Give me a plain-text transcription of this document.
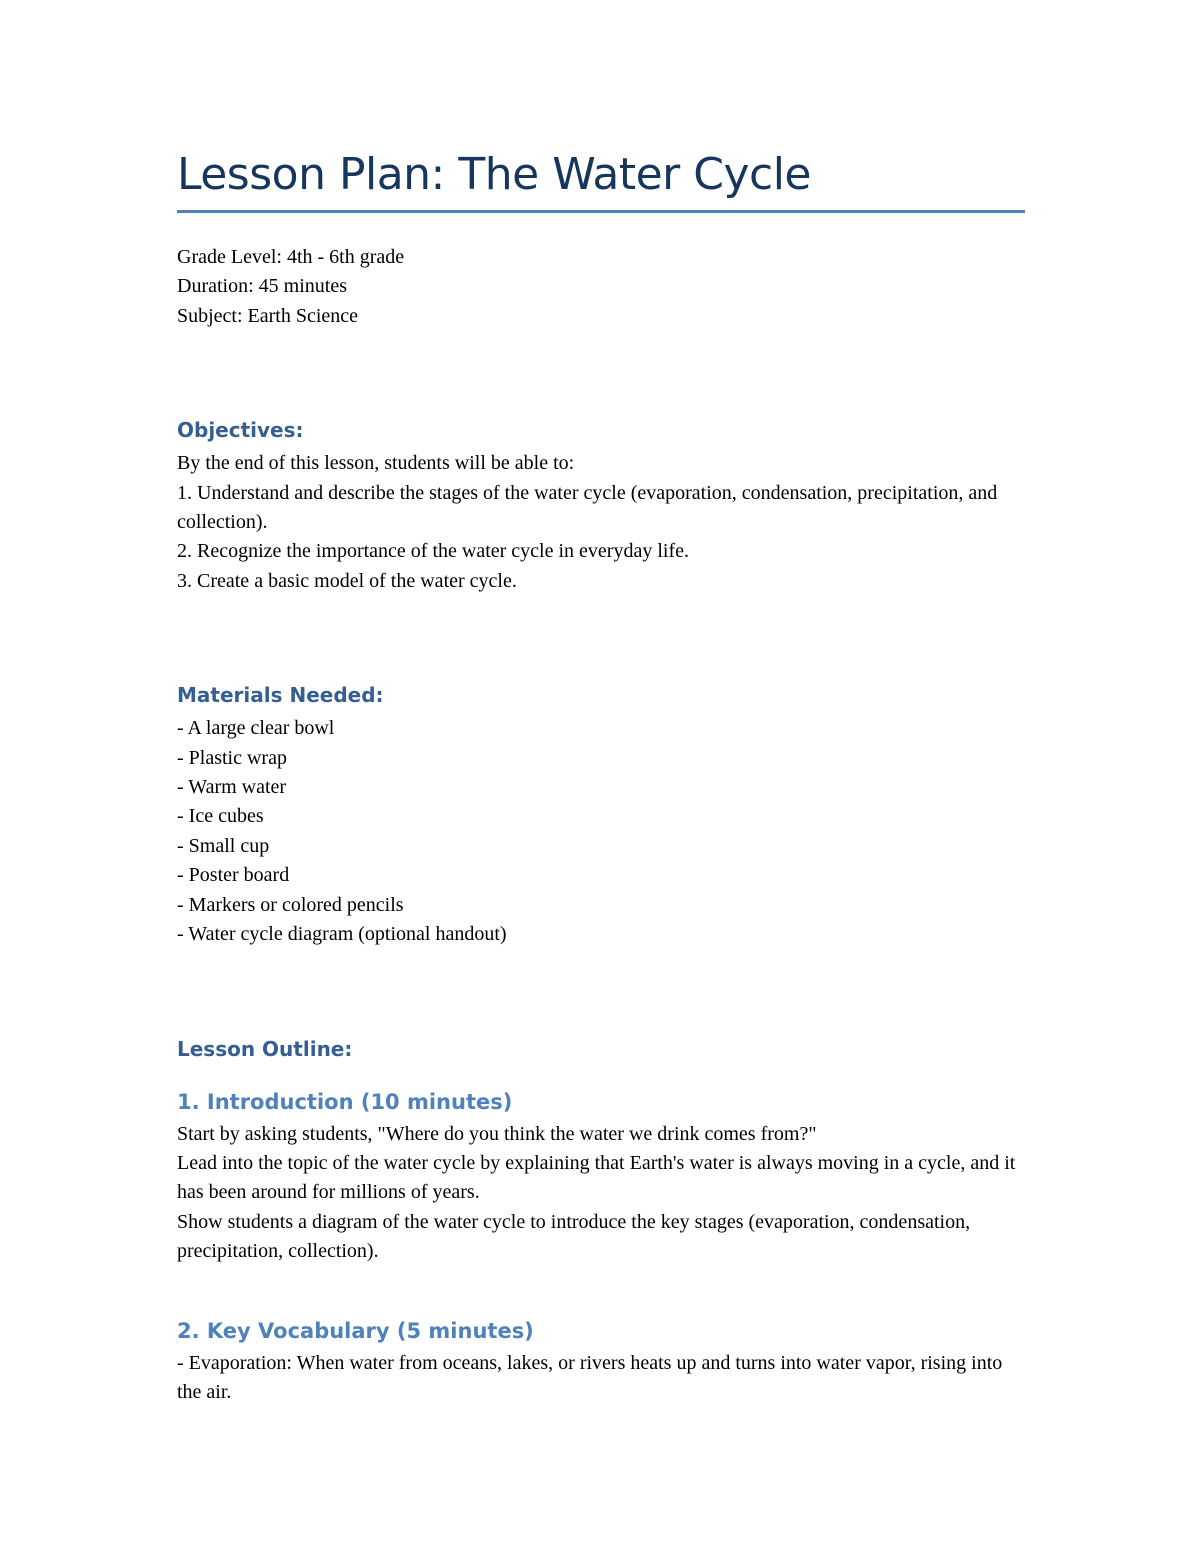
Lesson Plan: The Water Cycle

Grade Level: 4th - 6th grade

Duration: 45 minutes

Subject: Earth Science

Objectives:

By the end of this lesson, students will be able to:

1. Understand and describe the stages of the water cycle (evaporation, condensation, precipitation, and collection).
2. Recognize the importance of the water cycle in everyday life.
3. Create a basic model of the water cycle.
Materials Needed:
- A large clear bowl
- Plastic wrap
- Warm water
- Ice cubes
- Small cup
- Poster board
- Markers or colored pencils
- Water cycle diagram (optional handout)
Lesson Outline:
1. Introduction (10 minutes)

Start by asking students, "Where do you think the water we drink comes from?"

Lead into the topic of the water cycle by explaining that Earth's water is always moving in a cycle, and it has been around for millions of years.

Show students a diagram of the water cycle to introduce the key stages (evaporation, condensation, precipitation, collection).

2. Key Vocabulary (5 minutes)

- Evaporation: When water from oceans, lakes, or rivers heats up and turns into water vapor, rising into the air.
